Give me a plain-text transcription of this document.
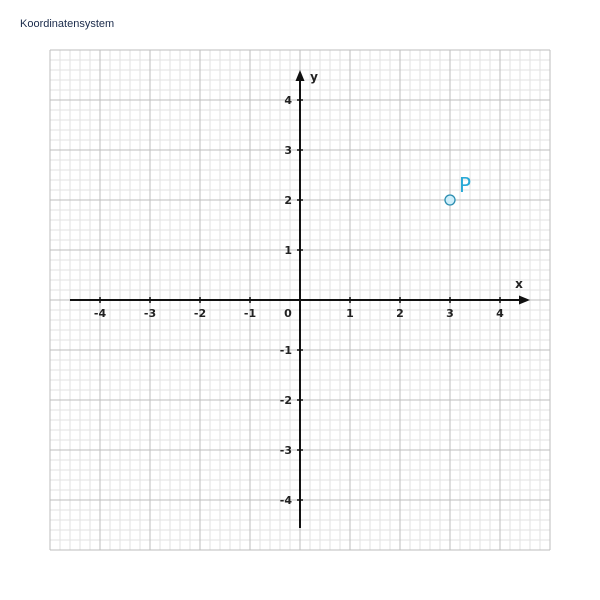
Koordinatensystem
x
y
-4	-3	-2	-1	0	1	2	3	4
-4
-3
-2
-1
1
2
3
4
P
